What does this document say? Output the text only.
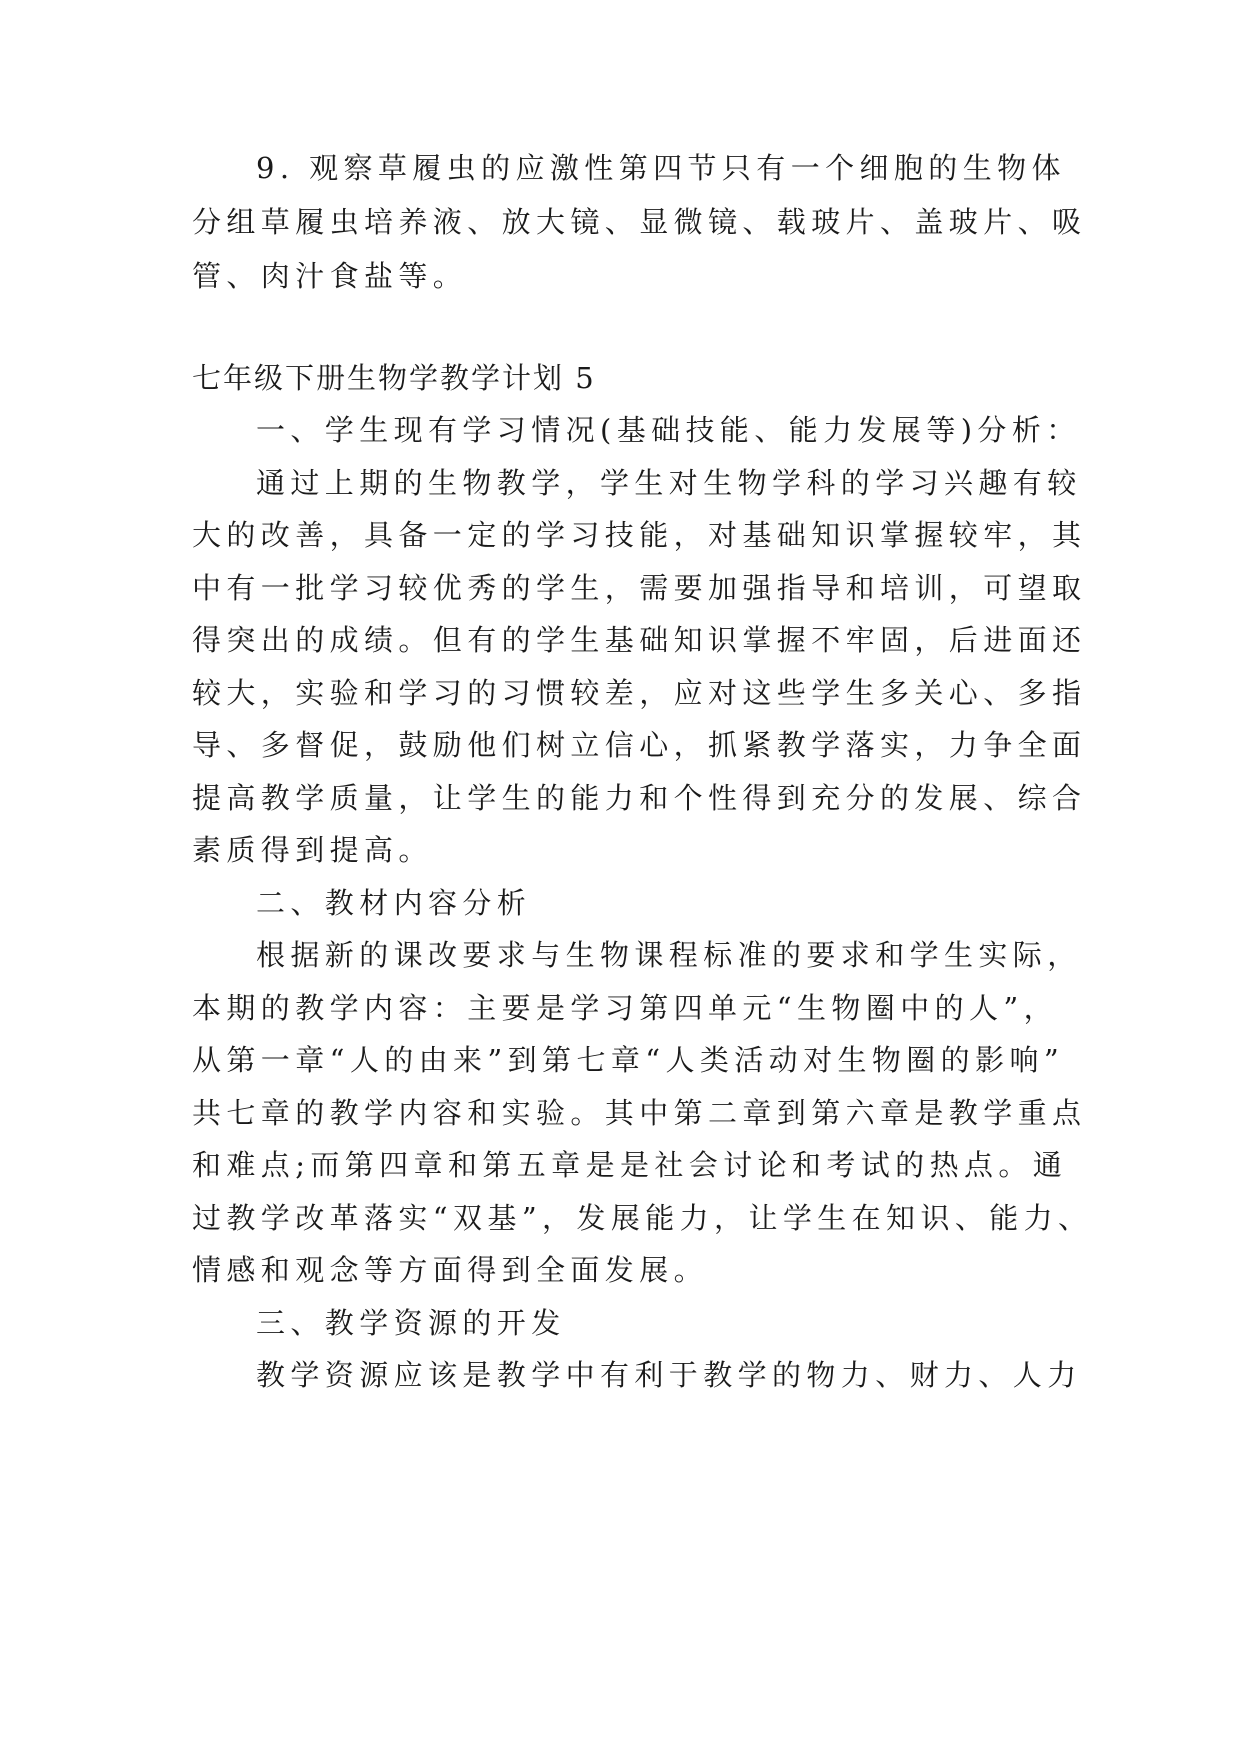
9. 观察草履虫的应激性第四节只有一个细胞的生物体
分组草履虫培养液、放大镜、显微镜、载玻片、盖玻片、吸
管、肉汁食盐等。
七年级下册生物学教学计划 5
一、学生现有学习情况(基础技能、能力发展等)分析：
通过上期的生物教学，学生对生物学科的学习兴趣有较
大的改善，具备一定的学习技能，对基础知识掌握较牢，其
中有一批学习较优秀的学生，需要加强指导和培训，可望取
得突出的成绩。但有的学生基础知识掌握不牢固，后进面还
较大，实验和学习的习惯较差，应对这些学生多关心、多指
导、多督促，鼓励他们树立信心，抓紧教学落实，力争全面
提高教学质量，让学生的能力和个性得到充分的发展、综合
素质得到提高。
二、教材内容分析
根据新的课改要求与生物课程标准的要求和学生实际，
本期的教学内容：主要是学习第四单元“生物圈中的人”，
从第一章“人的由来”到第七章“人类活动对生物圈的影响”
共七章的教学内容和实验。其中第二章到第六章是教学重点
和难点;而第四章和第五章是是社会讨论和考试的热点。通
过教学改革落实“双基”，发展能力，让学生在知识、能力、
情感和观念等方面得到全面发展。
三、教学资源的开发
教学资源应该是教学中有利于教学的物力、财力、人力
